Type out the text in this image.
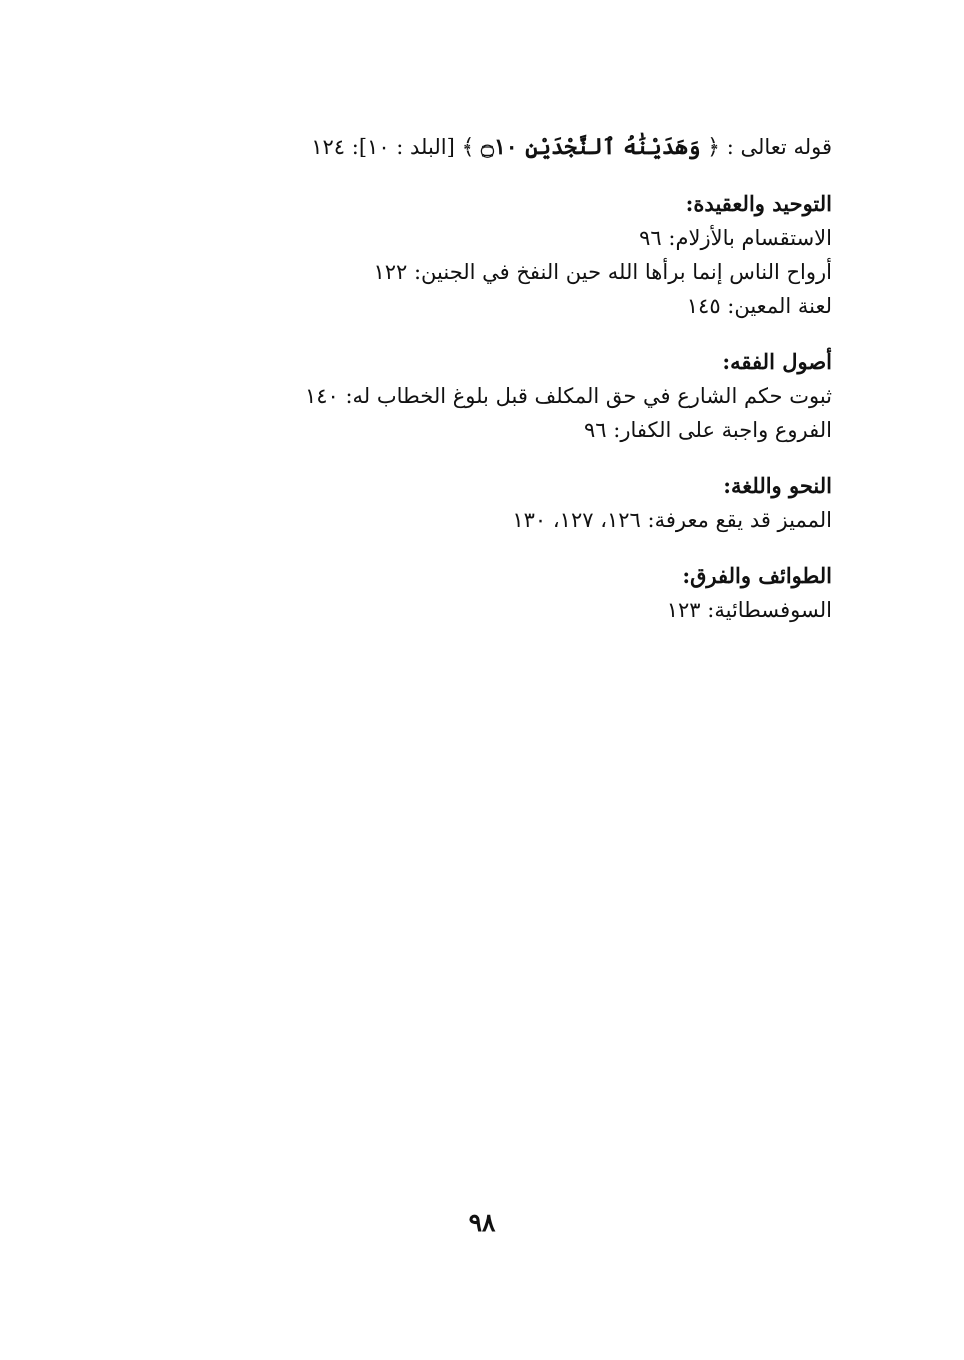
قوله تعالى : ﴿ وَهَدَيْنَٰهُ ٱلنَّجْدَيْنِ ۝١٠ ﴾ [البلد : ١٠]: ١٢٤
التوحيد والعقيدة:
الاستقسام بالأزلام: ٩٦
أرواح الناس إنما برأها الله حين النفخ في الجنين: ١٢٢
لعنة المعين: ١٤٥
أصول الفقه:
ثبوت حكم الشارع في حق المكلف قبل بلوغ الخطاب له: ١٤٠
الفروع واجبة على الكفار: ٩٦
النحو واللغة:
المميز قد يقع معرفة: ١٢٦، ١٢٧، ١٣٠
الطوائف والفرق:
السوفسطائية: ١٢٣
٩٨
